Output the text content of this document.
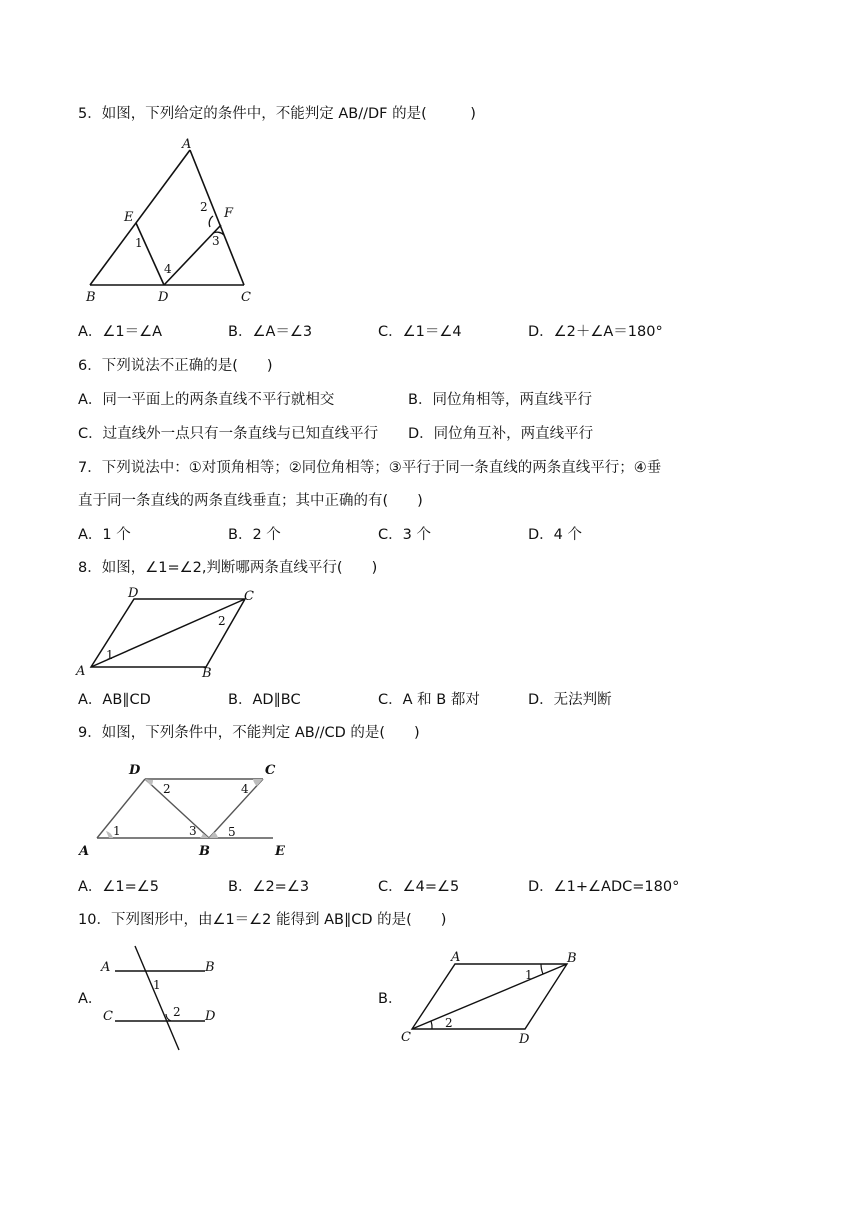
5．如图，下列给定的条件中，不能判定 AB//DF 的是(　　　)
A
B	C
D
E	F
1
2
3
4
A．∠1＝∠A	B．∠A＝∠3	C．∠1＝∠4	D．∠2＋∠A＝180°
6．下列说法不正确的是(　　)
A．同一平面上的两条直线不平行就相交	B．同位角相等，两直线平行
C．过直线外一点只有一条直线与已知直线平行 D．同位角互补，两直线平行
7．下列说法中：①对顶角相等；②同位角相等；③平行于同一条直线的两条直线平行；④垂
直于同一条直线的两条直线垂直；其中正确的有(　　)
A．1 个	B．2 个	C．3 个	D．4 个
8．如图，∠1=∠2,判断哪两条直线平行(　　)
D	C
A	B
1
2
A．AB∥CD	B．AD∥BC	C．A 和 B 都对	D．无法判断
9．如图，下列条件中，不能判定 AB//CD 的是(　　)
A	B	E
D	C
1
2
3
4
5
A．∠1=∠5	B．∠2=∠3	C．∠4=∠5	D．∠1+∠ADC=180°
10．下列图形中，由∠1＝∠2 能得到 AB∥CD 的是(　　)
A．
A	B
C	D
1
2
B．
A	B
C	D
1
2
